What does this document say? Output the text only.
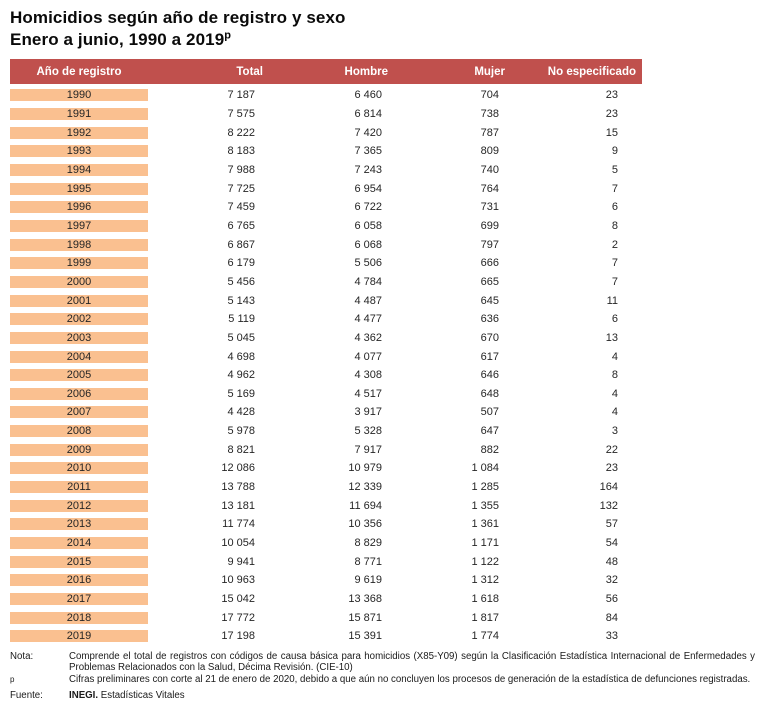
Homicidios según año de registro y sexo
Enero a junio, 1990 a 2019$^p$
Año de registro	Total	Hombre	Mujer	No especificado
1990	7 187	6 460	704	23
1991	7 575	6 814	738	23
1992	8 222	7 420	787	15
1993	8 183	7 365	809	9
1994	7 988	7 243	740	5
1995	7 725	6 954	764	7
1996	7 459	6 722	731	6
1997	6 765	6 058	699	8
1998	6 867	6 068	797	2
1999	6 179	5 506	666	7
2000	5 456	4 784	665	7
2001	5 143	4 487	645	11
2002	5 119	4 477	636	6
2003	5 045	4 362	670	13
2004	4 698	4 077	617	4
2005	4 962	4 308	646	8
2006	5 169	4 517	648	4
2007	4 428	3 917	507	4
2008	5 978	5 328	647	3
2009	8 821	7 917	882	22
2010	12 086	10 979	1 084	23
2011	13 788	12 339	1 285	164
2012	13 181	11 694	1 355	132
2013	11 774	10 356	1 361	57
2014	10 054	8 829	1 171	54
2015	9 941	8 771	1 122	48
2016	10 963	9 619	1 312	32
2017	15 042	13 368	1 618	56
2018	17 772	15 871	1 817	84
2019	17 198	15 391	1 774	33
Nota:	Comprende el total de registros con códigos de causa básica para homicidios (X85-Y09) según la Clasificación Estadística Internacional de Enfermedades y Problemas Relacionados con la Salud, Décima Revisión. (CIE-10)
$^p$	Cifras preliminares con corte al 21 de enero de 2020, debido a que aún no concluyen los procesos de generación de la estadística de defunciones registradas.
Fuente:	INEGI. Estadísticas Vitales
